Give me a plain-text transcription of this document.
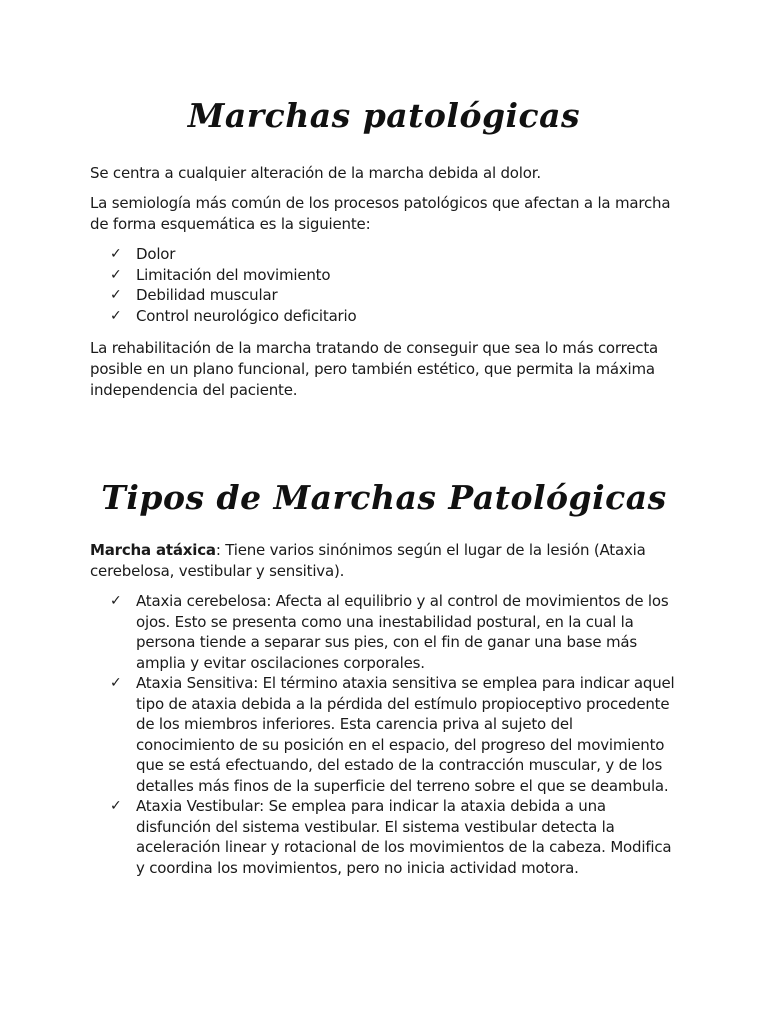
Marchas patológicas

Se centra a cualquier alteración de la marcha debida al dolor.

La semiología más común de los procesos patológicos que afectan a la marcha de forma esquemática es la siguiente:

✓ Dolor
✓ Limitación del movimiento
✓ Debilidad muscular
✓ Control neurológico deficitario

La rehabilitación de la marcha tratando de conseguir que sea lo más correcta posible en un plano funcional, pero también estético, que permita la máxima independencia del paciente.

Tipos de Marchas Patológicas

Marcha atáxica: Tiene varios sinónimos según el lugar de la lesión (Ataxia cerebelosa, vestibular y sensitiva).

✓ Ataxia cerebelosa: Afecta al equilibrio y al control de movimientos de los ojos. Esto se presenta como una inestabilidad postural, en la cual la persona tiende a separar sus pies, con el fin de ganar una base más amplia y evitar oscilaciones corporales.
✓ Ataxia Sensitiva: El término ataxia sensitiva se emplea para indicar aquel tipo de ataxia debida a la pérdida del estímulo propioceptivo procedente de los miembros inferiores. Esta carencia priva al sujeto del conocimiento de su posición en el espacio, del progreso del movimiento que se está efectuando, del estado de la contracción muscular, y de los detalles más finos de la superficie del terreno sobre el que se deambula.
✓ Ataxia Vestibular: Se emplea para indicar la ataxia debida a una disfunción del sistema vestibular. El sistema vestibular detecta la aceleración linear y rotacional de los movimientos de la cabeza. Modifica y coordina los movimientos, pero no inicia actividad motora.
